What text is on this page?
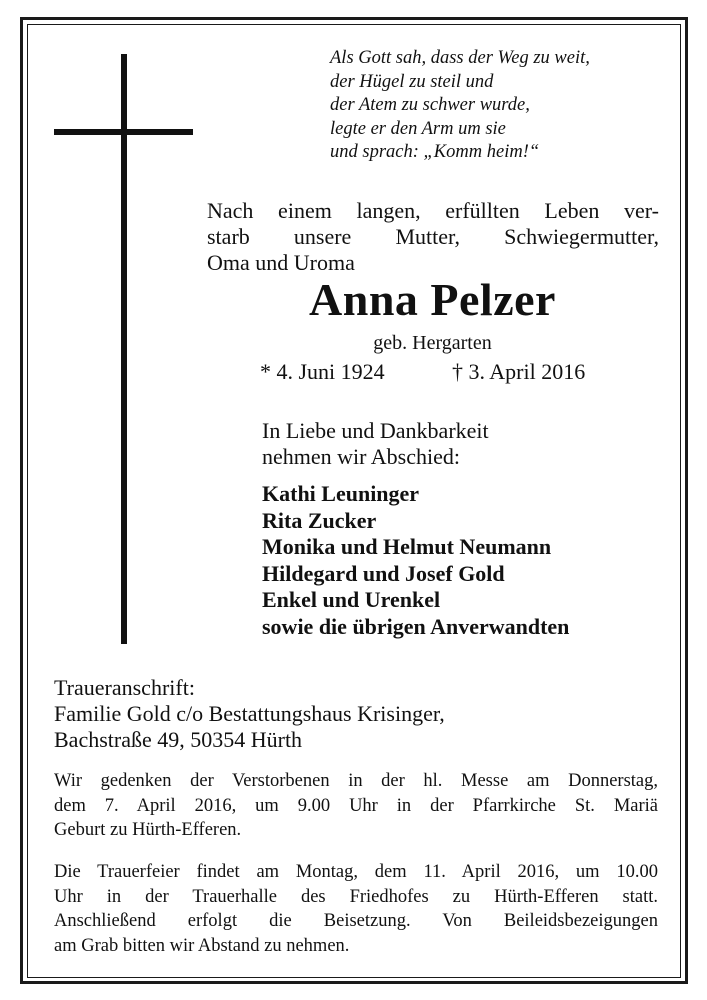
Als Gott sah, dass der Weg zu weit,
der Hügel zu steil und
der Atem zu schwer wurde,
legte er den Arm um sie
und sprach: „Komm heim!“
Nach einem langen, erfüllten Leben ver-
starb unsere Mutter, Schwiegermutter,
Oma und Uroma
Anna Pelzer
geb. Hergarten
* 4. Juni 1924	† 3. April 2016
In Liebe und Dankbarkeit
nehmen wir Abschied:
Kathi Leuninger
Rita Zucker
Monika und Helmut Neumann
Hildegard und Josef Gold
Enkel und Urenkel
sowie die übrigen Anverwandten
Traueranschrift:
Familie Gold c/o Bestattungshaus Krisinger,
Bachstraße 49, 50354 Hürth
Wir gedenken der Verstorbenen in der hl. Messe am Donnerstag,
dem 7. April 2016, um 9.00 Uhr in der Pfarrkirche St. Mariä
Geburt zu Hürth-Efferen.
Die Trauerfeier findet am Montag, dem 11. April 2016, um 10.00
Uhr in der Trauerhalle des Friedhofes zu Hürth-Efferen statt.
Anschließend erfolgt die Beisetzung. Von Beileidsbezeigungen
am Grab bitten wir Abstand zu nehmen.
